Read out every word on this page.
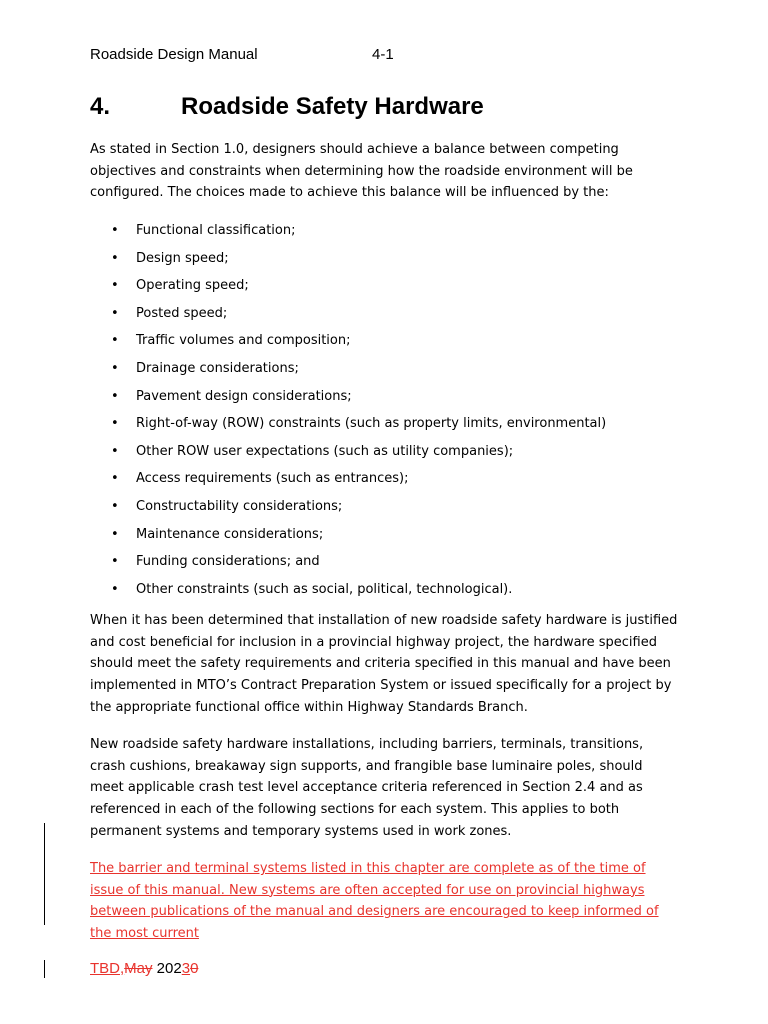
Roadside Design Manual	4-1
4.	Roadside Safety Hardware

As stated in Section 1.0, designers should achieve a balance between competing objectives and constraints when determining how the roadside environment will be configured. The choices made to achieve this balance will be influenced by the:

• Functional classification;
• Design speed;
• Operating speed;
• Posted speed;
• Traffic volumes and composition;
• Drainage considerations;
• Pavement design considerations;
• Right-of-way (ROW) constraints (such as property limits, environmental)
• Other ROW user expectations (such as utility companies);
• Access requirements (such as entrances);
• Constructability considerations;
• Maintenance considerations;
• Funding considerations; and
• Other constraints (such as social, political, technological).

When it has been determined that installation of new roadside safety hardware is justified and cost beneficial for inclusion in a provincial highway project, the hardware specified should meet the safety requirements and criteria specified in this manual and have been implemented in MTO’s Contract Preparation System or issued specifically for a project by the appropriate functional office within Highway Standards Branch.

New roadside safety hardware installations, including barriers, terminals, transitions, crash cushions, breakaway sign supports, and frangible base luminaire poles, should meet applicable crash test level acceptance criteria referenced in Section 2.4 and as referenced in each of the following sections for each system. This applies to both permanent systems and temporary systems used in work zones.

The barrier and terminal systems listed in this chapter are complete as of the time of issue of this manual. New systems are often accepted for use on provincial highways between publications of the manual and designers are encouraged to keep informed of the most current

TBD,May 20230
